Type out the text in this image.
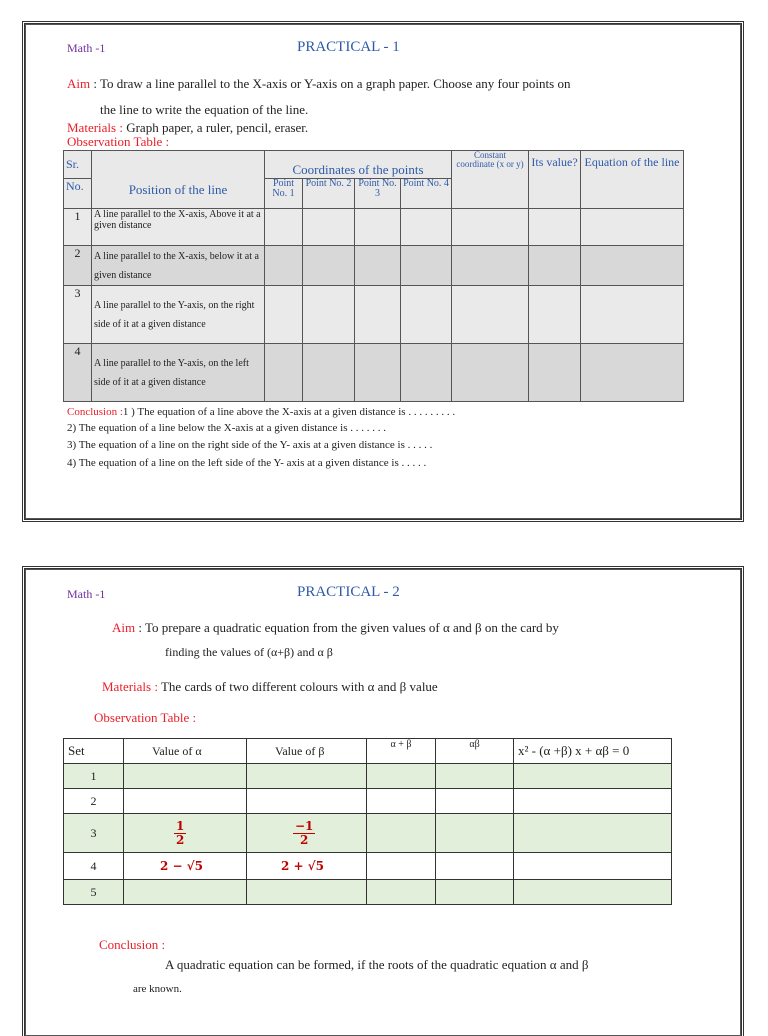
Math -1	PRACTICAL - 1
Aim : To draw a line parallel to the X-axis or Y-axis on a graph paper. Choose any four points on
the line to write the equation of the line.
Materials : Graph paper, a ruler, pencil, eraser.
Observation Table :
Sr.	Position of the line	Coordinates of the points				Constant coordinate (x or y)	Its value?	Equation of the line
No.		Point No. 1	Point No. 2	Point No. 3	Point No. 4			
1	A line parallel to the X-axis, Above it at a given distance							
2	A line parallel to the X-axis, below it at a given distance							
3	A line parallel to the Y-axis, on the right side of it at a given distance							
4	A line parallel to the Y-axis, on the left side of it at a given distance							
Conclusion :1 ) The equation of a line above the X-axis at a given distance is . . . . . . . . .
2) The equation of a line below the X-axis at a given distance is . . . . . . .
3) The equation of a line on the right side of the Y- axis at a given distance is . . . . .
4) The equation of a line on the left side of the Y- axis at a given distance is . . . . .
Math -1	PRACTICAL - 2
Aim : To prepare a quadratic equation from the given values of α and β on the card by
finding the values of (α+β) and α β
Materials : The cards of two different colours with α and β value
Observation Table :
Set	Value of α	Value of β	α + β	αβ	x² - (α +β) x + αβ = 0
1					
2					
3	$\frac{1}{2}$	$\frac{-1}{2}$

4	2 − √5	2 + √5			
5					
Conclusion :
A quadratic equation can be formed, if the roots of the quadratic equation α and β
are known.
